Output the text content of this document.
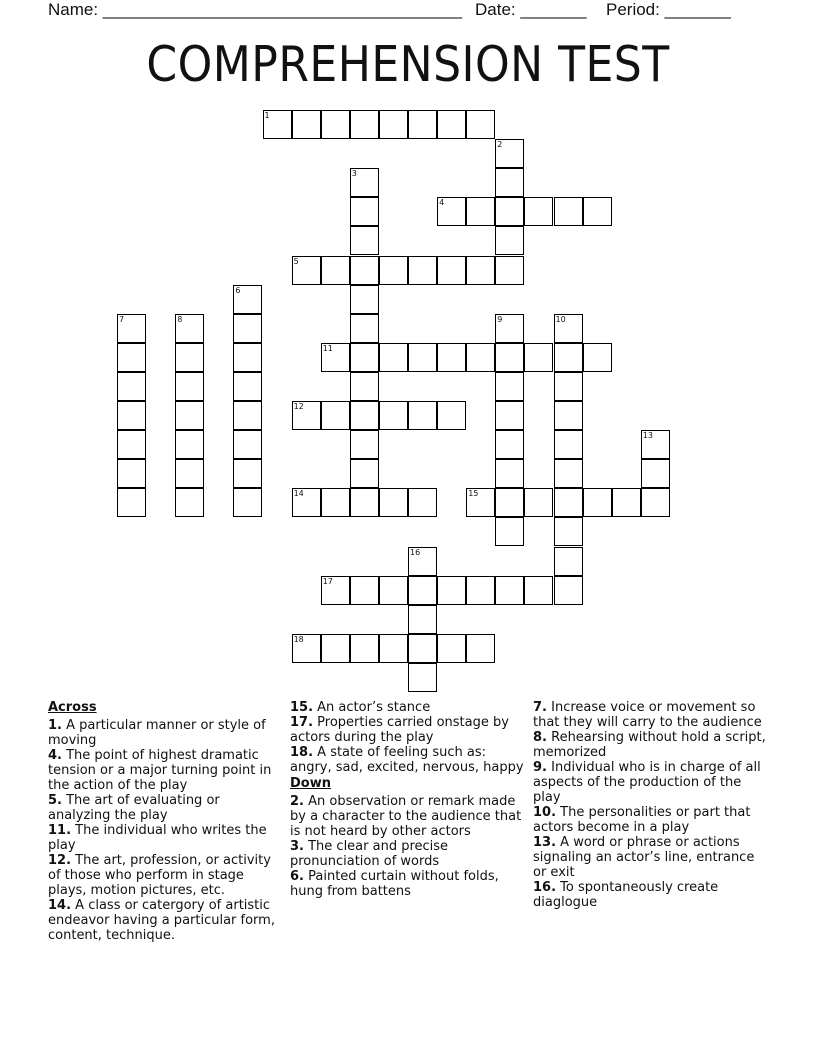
Name: ______________________________________ Date: _______ Period: _______
COMPREHENSION TEST
1
2
3
4
5
6
7	8	9	10
11
12
13
14	15
16
17
18
Across
1. A particular manner or style of moving
4. The point of highest dramatic tension or a major turning point in the action of the play
5. The art of evaluating or analyzing the play
11. The individual who writes the play
12. The art, profession, or activity of those who perform in stage plays, motion pictures, etc.
14. A class or catergory of artistic endeavor having a particular form, content, technique.
15. An actor’s stance
17. Properties carried onstage by actors during the play
18. A state of feeling such as: angry, sad, excited, nervous, happy
Down
2. An observation or remark made by a character to the audience that is not heard by other actors
3. The clear and precise pronunciation of words
6. Painted curtain without folds, hung from battens
7. Increase voice or movement so that they will carry to the audience
8. Rehearsing without hold a script, memorized
9. Individual who is in charge of all aspects of the production of the play
10. The personalities or part that actors become in a play
13. A word or phrase or actions signaling an actor’s line, entrance or exit
16. To spontaneously create diaglogue
